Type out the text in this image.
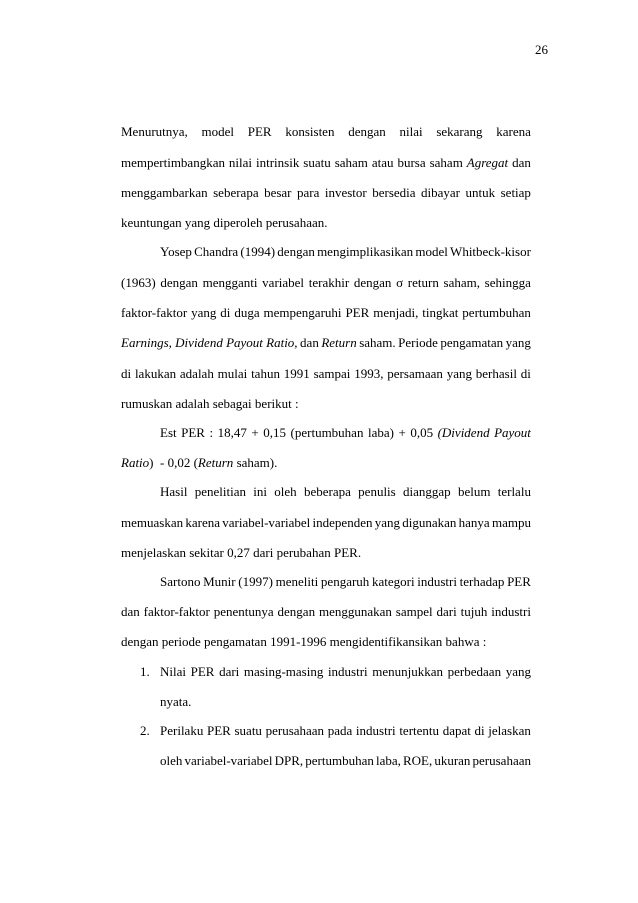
26
Menurutnya, model PER konsisten dengan nilai sekarang karena
mempertimbangkan nilai intrinsik suatu saham atau bursa saham Agregat dan
menggambarkan seberapa besar para investor bersedia dibayar untuk setiap
keuntungan yang diperoleh perusahaan.
Yosep Chandra (1994) dengan mengimplikasikan model Whitbeck-kisor
(1963) dengan mengganti variabel terakhir dengan σ return saham, sehingga
faktor-faktor yang di duga mempengaruhi PER menjadi, tingkat pertumbuhan
Earnings, Dividend Payout Ratio, dan Return saham. Periode pengamatan yang
di lakukan adalah mulai tahun 1991 sampai 1993, persamaan yang berhasil di
rumuskan adalah sebagai berikut :
Est PER : 18,47 + 0,15 (pertumbuhan laba) + 0,05 (Dividend Payout
Ratio)  - 0,02 (Return saham).
Hasil penelitian ini oleh beberapa penulis dianggap belum terlalu
memuaskan karena variabel-variabel independen yang digunakan hanya mampu
menjelaskan sekitar 0,27 dari perubahan PER.
Sartono Munir (1997) meneliti pengaruh kategori industri terhadap PER
dan faktor-faktor penentunya dengan menggunakan sampel dari tujuh industri
dengan periode pengamatan 1991-1996 mengidentifikansikan bahwa :
1. Nilai PER dari masing-masing industri menunjukkan perbedaan yang
nyata.
2. Perilaku PER suatu perusahaan pada industri tertentu dapat di jelaskan
oleh variabel-variabel DPR, pertumbuhan laba, ROE, ukuran perusahaan
